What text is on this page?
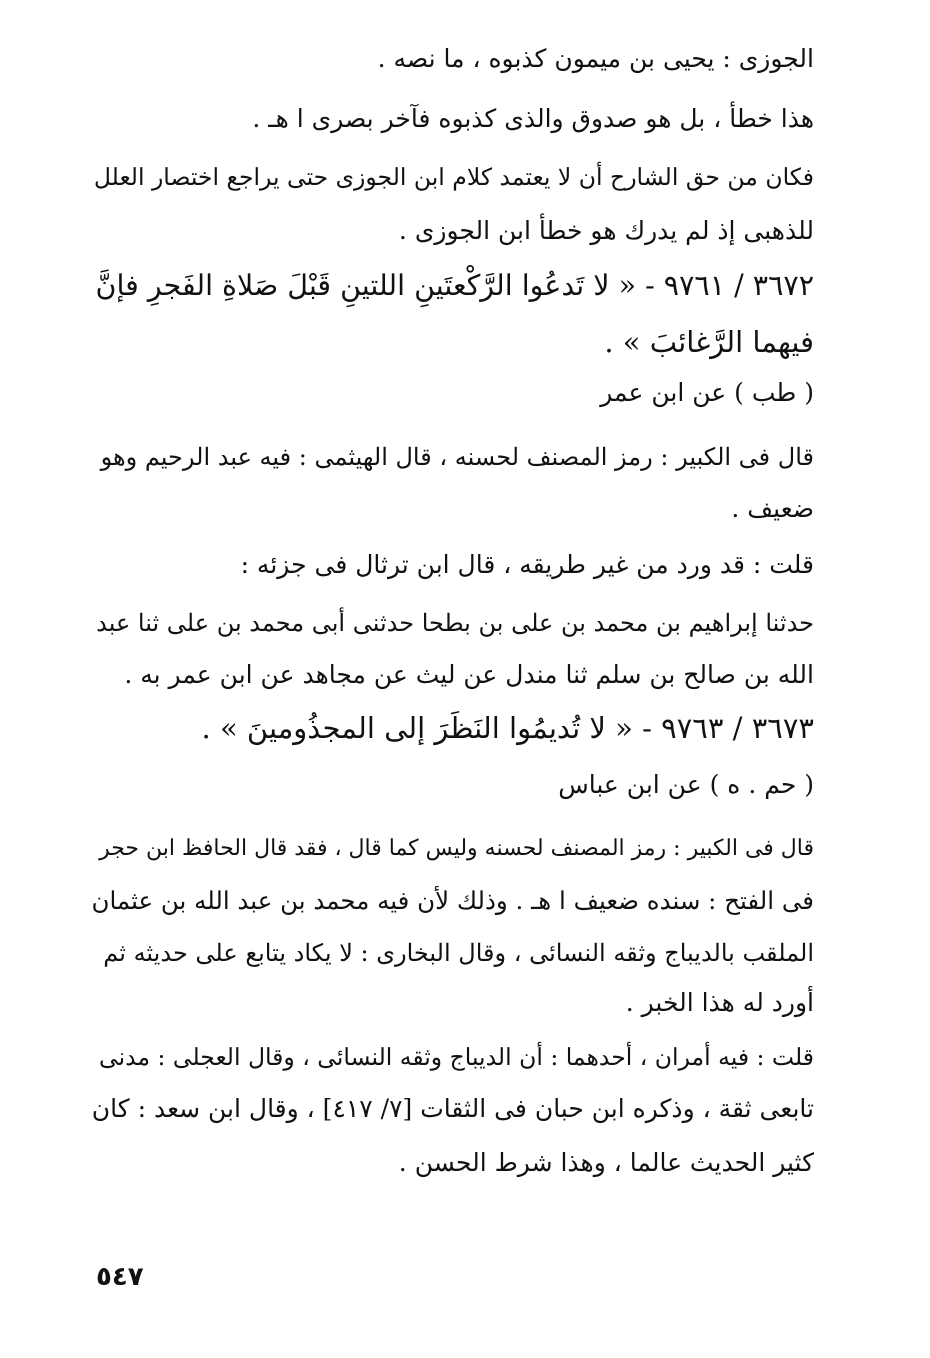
الجوزى : يحيى بن ميمون كذبوه ، ما نصه .

هذا خطأ ، بل هو صدوق والذى كذبوه فآخر بصرى ا هـ .

فكان من حق الشارح أن لا يعتمد كلام ابن الجوزى حتى يراجع اختصار العلل

للذهبى إذ لم يدرك هو خطأ ابن الجوزى .

٣٦٧٢ / ٩٧٦١ - « لا تَدعُوا الرَّكْعتَينِ اللتينِ قَبْلَ صَلاةِ الفَجرِ فإنَّ

فيهما الرَّغائبَ » .

( طب ) عن ابن عمر

قال فى الكبير : رمز المصنف لحسنه ، قال الهيثمى : فيه عبد الرحيم وهو

ضعيف .

قلت : قد ورد من غير طريقه ، قال ابن ترثال فى جزئه :

حدثنا إبراهيم بن محمد بن على بن بطحا حدثنى أبى محمد بن على ثنا عبد

الله بن صالح بن سلم ثنا مندل عن ليث عن مجاهد عن ابن عمر به .

٣٦٧٣ / ٩٧٦٣ - « لا تُديمُوا النَظَرَ إلى المجذُومينَ » .

( حم . ه ) عن ابن عباس

قال فى الكبير : رمز المصنف لحسنه وليس كما قال ، فقد قال الحافظ ابن حجر

فى الفتح : سنده ضعيف ا هـ . وذلك لأن فيه محمد بن عبد الله بن عثمان

الملقب بالديباج وثقه النسائى ، وقال البخارى : لا يكاد يتابع على حديثه ثم

أورد له هذا الخبر .

قلت : فيه أمران ، أحدهما : أن الديباج وثقه النسائى ، وقال العجلى : مدنى

تابعى ثقة ، وذكره ابن حبان فى الثقات [٧/ ٤١٧] ، وقال ابن سعد : كان

كثير الحديث عالما ، وهذا شرط الحسن .

٥٤٧
